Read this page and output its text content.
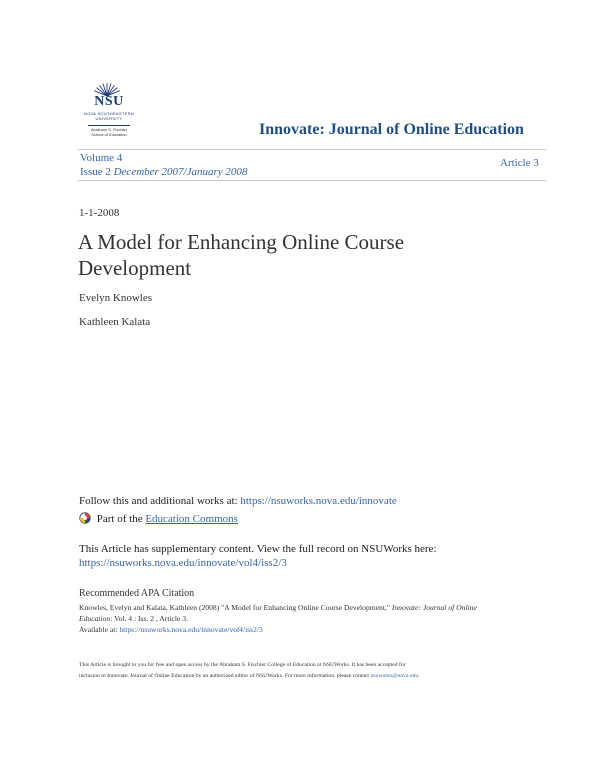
NSU
NOVA SOUTHEASTERN UNIVERSITY
Abraham S. Fischler
School of Education	Innovate: Journal of Online Education
Volume 4
Issue 2 December 2007/January 2008
Article 3
1-1-2008
A Model for Enhancing Online Course Development
Evelyn Knowles
Kathleen Kalata
Follow this and additional works at: https://nsuworks.nova.edu/innovate
Part of the Education Commons
This Article has supplementary content. View the full record on NSUWorks here:
https://nsuworks.nova.edu/innovate/vol4/iss2/3
Recommended APA Citation
Knowles, Evelyn and Kalata, Kathleen (2008) "A Model for Enhancing Online Course Development," Innovate: Journal of Online
Education: Vol. 4 : Iss. 2 , Article 3.
Available at: https://nsuworks.nova.edu/innovate/vol4/iss2/3
This Article is brought to you for free and open access by the Abraham S. Fischler College of Education at NSUWorks. It has been accepted for
inclusion in Innovate: Journal of Online Education by an authorized editor of NSUWorks. For more information, please contact nsuworks@nova.edu.
